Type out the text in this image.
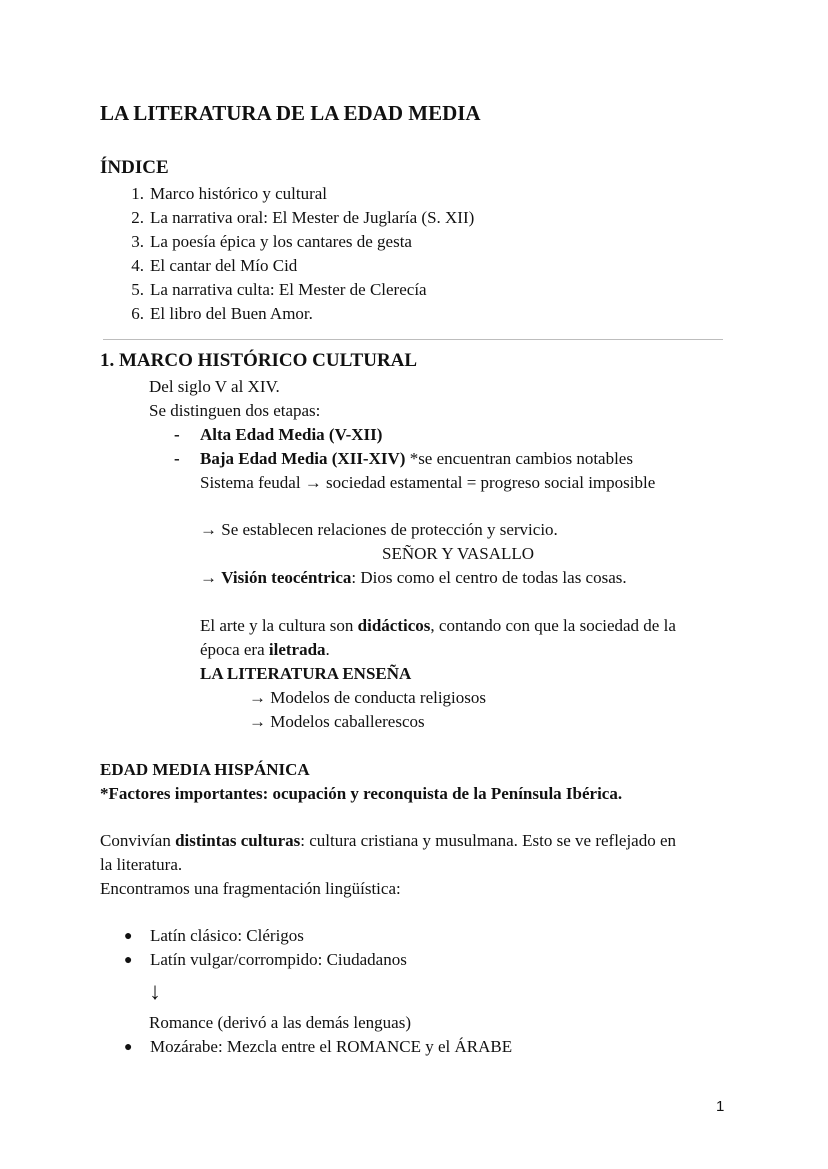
LA LITERATURA DE LA EDAD MEDIA
ÍNDICE
1. Marco histórico y cultural
2. La narrativa oral: El Mester de Juglaría (S. XII)
3. La poesía épica y los cantares de gesta
4. El cantar del Mío Cid
5. La narrativa culta: El Mester de Clerecía
6. El libro del Buen Amor.
1. MARCO HISTÓRICO CULTURAL
Del siglo V al XIV.
Se distinguen dos etapas:
- Alta Edad Media (V-XII)
- Baja Edad Media (XII-XIV) *se encuentran cambios notables
Sistema feudal → sociedad estamental = progreso social imposible
→ Se establecen relaciones de protección y servicio.
SEÑOR Y VASALLO
→ Visión teocéntrica: Dios como el centro de todas las cosas.
El arte y la cultura son didácticos, contando con que la sociedad de la
época era iletrada.
LA LITERATURA ENSEÑA
→ Modelos de conducta religiosos
→ Modelos caballerescos
EDAD MEDIA HISPÁNICA
*Factores importantes: ocupación y reconquista de la Península Ibérica.
Convivían distintas culturas: cultura cristiana y musulmana. Esto se ve reflejado en
la literatura.
Encontramos una fragmentación lingüística:
● Latín clásico: Clérigos
● Latín vulgar/corrompido: Ciudadanos
↓
Romance (derivó a las demás lenguas)
● Mozárabe: Mezcla entre el ROMANCE y el ÁRABE
1
